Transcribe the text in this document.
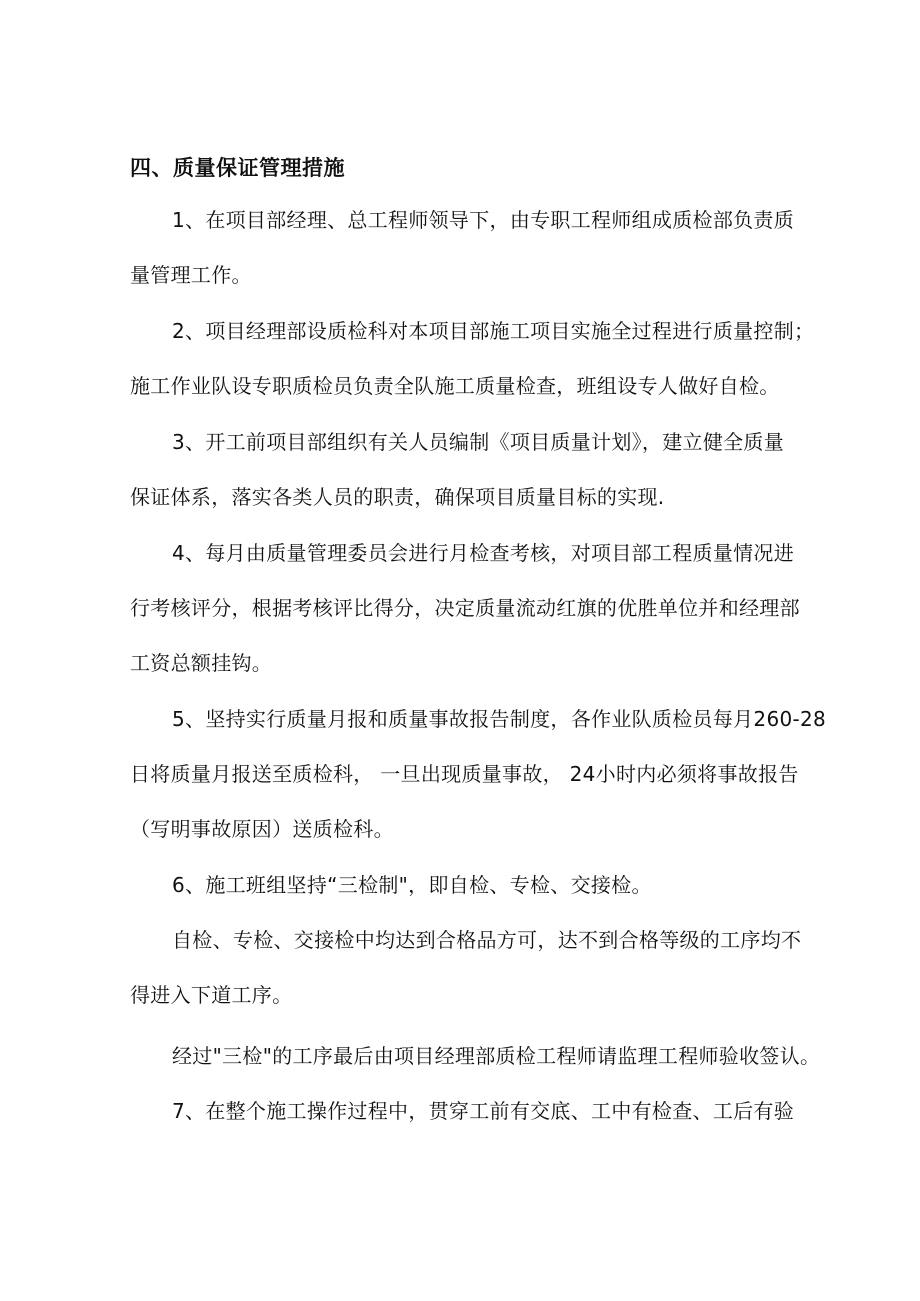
四、质量保证管理措施
1、在项目部经理、总工程师领导下，由专职工程师组成质检部负责质
量管理工作。
2、项目经理部设质检科对本项目部施工项目实施全过程进行质量控制；
施工作业队设专职质检员负责全队施工质量检查，班组设专人做好自检。
3、开工前项目部组织有关人员编制《项目质量计划》，建立健全质量
保证体系，落实各类人员的职责，确保项目质量目标的实现.
4、每月由质量管理委员会进行月检查考核，对项目部工程质量情况进
行考核评分，根据考核评比得分，决定质量流动红旗的优胜单位并和经理部
工资总额挂钩。
5、坚持实行质量月报和质量事故报告制度，各作业队质检员每月260-28
日将质量月报送至质检科， 一旦出现质量事故， 24小时内必须将事故报告
（写明事故原因）送质检科。
6、施工班组坚持“三检制"，即自检、专检、交接检。
自检、专检、交接检中均达到合格品方可，达不到合格等级的工序均不
得进入下道工序。
经过"三检"的工序最后由项目经理部质检工程师请监理工程师验收签认。
7、在整个施工操作过程中，贯穿工前有交底、工中有检查、工后有验
